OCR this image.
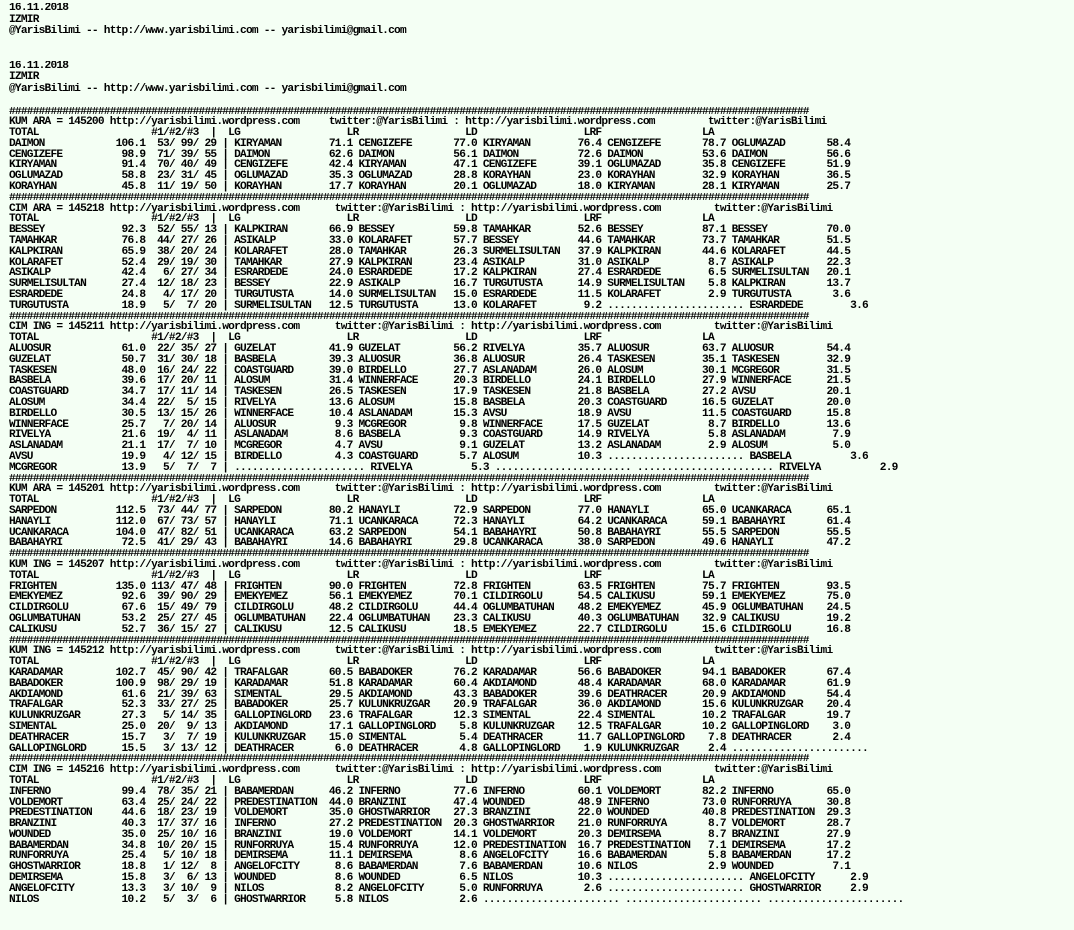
16.11.2018
IZMIR
@YarisBilimi -- http://www.yarisbilimi.com -- yarisbilimi@gmail.com
16.11.2018
IZMIR
@YarisBilimi -- http://www.yarisbilimi.com -- yarisbilimi@gmail.com
#######################################################################################################################################
KUM ARA = 145200 http://yarisbilimi.wordpress.com     twitter:@YarisBilimi : http://yarisbilimi.wordpress.com         twitter:@YarisBilimi
TOTAL                   #1/#2/#3  |  LG                  LR                  LD                  LRF                 LA
DAIMON            106.1  53/ 99/ 29 | KIRYAMAN        71.1 CENGIZEFE       77.0 KIRYAMAN        76.4 CENGIZEFE       78.7 OGLUMAZAD       58.4
CENGIZEFE          98.9  71/ 39/ 55 | DAIMON          62.6 DAIMON          56.1 DAIMON          72.6 DAIMON          53.6 DAIMON          56.6
KIRYAMAN           91.4  70/ 40/ 49 | CENGIZEFE       42.4 KIRYAMAN        47.1 CENGIZEFE       39.1 OGLUMAZAD       35.8 CENGIZEFE       51.9
OGLUMAZAD          58.8  23/ 31/ 45 | OGLUMAZAD       35.3 OGLUMAZAD       28.8 KORAYHAN        23.0 KORAYHAN        32.9 KORAYHAN        36.5
KORAYHAN           45.8  11/ 19/ 50 | KORAYHAN        17.7 KORAYHAN        20.1 OGLUMAZAD       18.0 KIRYAMAN        28.1 KIRYAMAN        25.7
#######################################################################################################################################
CIM ARA = 145218 http://yarisbilimi.wordpress.com      twitter:@YarisBilimi : http://yarisbilimi.wordpress.com         twitter:@YarisBilimi
TOTAL                   #1/#2/#3  |  LG                  LR                  LD                  LRF                 LA
BESSEY             92.3  52/ 55/ 13 | KALPKIRAN       66.9 BESSEY          59.8 TAMAHKAR        52.6 BESSEY          87.1 BESSEY          70.0
TAMAHKAR           76.8  44/ 27/ 26 | ASIKALP         33.0 KOLARAFET       57.7 BESSEY          44.6 TAMAHKAR        73.7 TAMAHKAR        51.5
KALPKIRAN          65.9  38/ 20/ 24 | KOLARAFET       28.0 TAMAHKAR        26.3 SURMELISULTAN   37.9 KALPKIRAN       44.6 KOLARAFET       44.5
KOLARAFET          52.4  29/ 19/ 30 | TAMAHKAR        27.9 KALPKIRAN       23.4 ASIKALP         31.0 ASIKALP          8.7 ASIKALP         22.3
ASIKALP            42.4   6/ 27/ 34 | ESRARDEDE       24.0 ESRARDEDE       17.2 KALPKIRAN       27.4 ESRARDEDE        6.5 SURMELISULTAN   20.1
SURMELISULTAN      27.4  12/ 18/ 23 | BESSEY          22.9 ASIKALP         16.7 TURGUTUSTA      14.9 SURMELISULTAN    5.8 KALPKIRAN       13.7
ESRARDEDE          24.8   4/ 17/ 20 | TURGUTUSTA      14.0 SURMELISULTAN   15.0 ESRARDEDE       11.5 KOLARAFET        2.9 TURGUTUSTA       3.6
TURGUTUSTA         18.9   5/  7/ 20 | SURMELISULTAN   12.5 TURGUTUSTA      13.0 KOLARAFET        9.2 ....................... ESRARDEDE        3.6
#######################################################################################################################################
CIM ING = 145211 http://yarisbilimi.wordpress.com      twitter:@YarisBilimi : http://yarisbilimi.wordpress.com         twitter:@YarisBilimi
TOTAL                   #1/#2/#3  |  LG                  LR                  LD                  LRF                 LA
ALUOSUR            61.0  22/ 35/ 27 | GUZELAT         41.9 GUZELAT         56.2 RIVELYA         35.7 ALUOSUR         63.7 ALUOSUR         54.4
GUZELAT            50.7  31/ 30/ 18 | BASBELA         39.3 ALUOSUR         36.8 ALUOSUR         26.4 TASKESEN        35.1 TASKESEN        32.9
TASKESEN           48.0  16/ 24/ 22 | COASTGUARD      39.0 BIRDELLO        27.7 ASLANADAM       26.0 ALOSUM          30.1 MCGREGOR        31.5
BASBELA            39.6  17/ 20/ 11 | ALOSUM          31.4 WINNERFACE      20.3 BIRDELLO        24.1 BIRDELLO        27.9 WINNERFACE      21.5
COASTGUARD         34.7  17/ 11/ 14 | TASKESEN        26.5 TASKESEN        17.9 TASKESEN        21.8 BASBELA         27.2 AVSU            20.1
ALOSUM             34.4  22/  5/ 15 | RIVELYA         13.6 ALOSUM          15.8 BASBELA         20.3 COASTGUARD      16.5 GUZELAT         20.0
BIRDELLO           30.5  13/ 15/ 26 | WINNERFACE      10.4 ASLANADAM       15.3 AVSU            18.9 AVSU            11.5 COASTGUARD      15.8
WINNERFACE         25.7   7/ 20/ 14 | ALUOSUR          9.3 MCGREGOR         9.8 WINNERFACE      17.5 GUZELAT          8.7 BIRDELLO        13.6
RIVELYA            21.6  19/  4/ 11 | ASLANADAM        8.6 BASBELA          9.3 COASTGUARD      14.9 RIVELYA          5.8 ASLANADAM        7.9
ASLANADAM          21.1  17/  7/ 10 | MCGREGOR         4.7 AVSU             9.1 GUZELAT         13.2 ASLANADAM        2.9 ALOSUM           5.0
AVSU               19.9   4/ 12/ 15 | BIRDELLO         4.3 COASTGUARD       5.7 ALOSUM          10.3 ....................... BASBELA          3.6
MCGREGOR           13.9   5/  7/  7 | ...................... RIVELYA          5.3 ....................... ....................... RIVELYA          2.9
#######################################################################################################################################
KUM ARA = 145201 http://yarisbilimi.wordpress.com      twitter:@YarisBilimi : http://yarisbilimi.wordpress.com         twitter:@YarisBilimi
TOTAL                   #1/#2/#3  |  LG                  LR                  LD                  LRF                 LA
SARPEDON          112.5  73/ 44/ 77 | SARPEDON        80.2 HANAYLI         72.9 SARPEDON        77.0 HANAYLI         65.0 UCANKARACA      65.1
HANAYLI           112.0  67/ 73/ 57 | HANAYLI         71.1 UCANKARACA      72.3 HANAYLI         64.2 UCANKARACA      59.1 BABAHAYRI       61.4
UCANKARACA        104.0  47/ 82/ 51 | UCANKARACA      63.2 SARPEDON        54.1 BABAHAYRI       50.8 BABAHAYRI       55.5 SARPEDON        55.5
BABAHAYRI          72.5  41/ 29/ 43 | BABAHAYRI       14.6 BABAHAYRI       29.8 UCANKARACA      38.0 SARPEDON        49.6 HANAYLI         47.2
#######################################################################################################################################
KUM ING = 145207 http://yarisbilimi.wordpress.com      twitter:@YarisBilimi : http://yarisbilimi.wordpress.com         twitter:@YarisBilimi
TOTAL                   #1/#2/#3  |  LG                  LR                  LD                  LRF                 LA
FRIGHTEN          135.0 113/ 47/ 48 | FRIGHTEN        90.0 FRIGHTEN        72.8 FRIGHTEN        63.5 FRIGHTEN        75.7 FRIGHTEN        93.5
EMEKYEMEZ          92.6  39/ 90/ 29 | EMEKYEMEZ       56.1 EMEKYEMEZ       70.1 CILDIRGOLU      54.5 CALIKUSU        59.1 EMEKYEMEZ       75.0
CILDIRGOLU         67.6  15/ 49/ 79 | CILDIRGOLU      48.2 CILDIRGOLU      44.4 OGLUMBATUHAN    48.2 EMEKYEMEZ       45.9 OGLUMBATUHAN    24.5
OGLUMBATUHAN       53.2  25/ 27/ 45 | OGLUMBATUHAN    22.4 OGLUMBATUHAN    23.3 CALIKUSU        40.3 OGLUMBATUHAN    32.9 CALIKUSU        19.2
CALIKUSU           52.7  36/ 15/ 27 | CALIKUSU        12.5 CALIKUSU        18.5 EMEKYEMEZ       22.7 CILDIRGOLU      15.6 CILDIRGOLU      16.8
#######################################################################################################################################
KUM ING = 145212 http://yarisbilimi.wordpress.com      twitter:@YarisBilimi : http://yarisbilimi.wordpress.com         twitter:@YarisBilimi
TOTAL                   #1/#2/#3  |  LG                  LR                  LD                  LRF                 LA
KARADAMAR         102.7  45/ 90/ 42 | TRAFALGAR       60.5 BABADOKER       76.2 KARADAMAR       56.6 BABADOKER       94.1 BABADOKER       67.4
BABADOKER         100.9  98/ 29/ 19 | KARADAMAR       51.8 KARADAMAR       60.4 AKDIAMOND       48.4 KARADAMAR       68.0 KARADAMAR       61.9
AKDIAMOND          61.6  21/ 39/ 63 | SIMENTAL        29.5 AKDIAMOND       43.3 BABADOKER       39.6 DEATHRACER      20.9 AKDIAMOND       54.4
TRAFALGAR          52.3  33/ 27/ 25 | BABADOKER       25.7 KULUNKRUZGAR    20.9 TRAFALGAR       36.0 AKDIAMOND       15.6 KULUNKRUZGAR    20.4
KULUNKRUZGAR       27.3   5/ 14/ 35 | GALLOPINGLORD   23.6 TRAFALGAR       12.3 SIMENTAL        22.4 SIMENTAL        10.2 TRAFALGAR       19.7
SIMENTAL           25.0  20/  9/ 13 | AKDIAMOND       17.1 GALLOPINGLORD    5.8 KULUNKRUZGAR    12.5 TRAFALGAR       10.2 GALLOPINGLORD    3.0
DEATHRACER         15.7   3/  7/ 19 | KULUNKRUZGAR    15.0 SIMENTAL         5.4 DEATHRACER      11.7 GALLOPINGLORD    7.8 DEATHRACER       2.4
GALLOPINGLORD      15.5   3/ 13/ 12 | DEATHRACER       6.0 DEATHRACER       4.8 GALLOPINGLORD    1.9 KULUNKRUZGAR     2.4 .......................
#######################################################################################################################################
CIM ING = 145216 http://yarisbilimi.wordpress.com      twitter:@YarisBilimi : http://yarisbilimi.wordpress.com         twitter:@YarisBilimi
TOTAL                   #1/#2/#3  |  LG                  LR                  LD                  LRF                 LA
INFERNO            99.4  78/ 35/ 21 | BABAMERDAN      46.2 INFERNO         77.6 INFERNO         60.1 VOLDEMORT       82.2 INFERNO         65.0
VOLDEMORT          63.4  25/ 24/ 22 | PREDESTINATION  44.0 BRANZINI        47.4 WOUNDED         48.9 INFERNO         73.0 RUNFORRUYA      30.8
PREDESTINATION     44.6  18/ 23/ 19 | VOLDEMORT       35.0 GHOSTWARRIOR    27.3 BRANZINI        22.0 WOUNDED         40.8 PREDESTINATION  29.3
BRANZINI           40.3  17/ 37/ 16 | INFERNO         27.2 PREDESTINATION  20.3 GHOSTWARRIOR    21.0 RUNFORRUYA       8.7 VOLDEMORT       28.7
WOUNDED            35.0  25/ 10/ 16 | BRANZINI        19.0 VOLDEMORT       14.1 VOLDEMORT       20.3 DEMIRSEMA        8.7 BRANZINI        27.9
BABAMERDAN         34.8  10/ 20/ 15 | RUNFORRUYA      15.4 RUNFORRUYA      12.0 PREDESTINATION  16.7 PREDESTINATION   7.1 DEMIRSEMA       17.2
RUNFORRUYA         25.4   5/ 10/ 18 | DEMIRSEMA       11.1 DEMIRSEMA        8.6 ANGELOFCITY     16.6 BABAMERDAN       5.8 BABAMERDAN      17.2
GHOSTWARRIOR       18.8   1/ 12/  8 | ANGELOFCITY      8.6 BABAMERDAN       7.6 BABAMERDAN      10.6 NILOS            2.9 WOUNDED          7.1
DEMIRSEMA          15.8   3/  6/ 13 | WOUNDED          8.6 WOUNDED          6.5 NILOS           10.3 ....................... ANGELOFCITY      2.9
ANGELOFCITY        13.3   3/ 10/  9 | NILOS            8.2 ANGELOFCITY      5.0 RUNFORRUYA       2.6 ....................... GHOSTWARRIOR     2.9
NILOS              10.2   5/  3/  6 | GHOSTWARRIOR     5.8 NILOS            2.6 ....................... ....................... .......................
